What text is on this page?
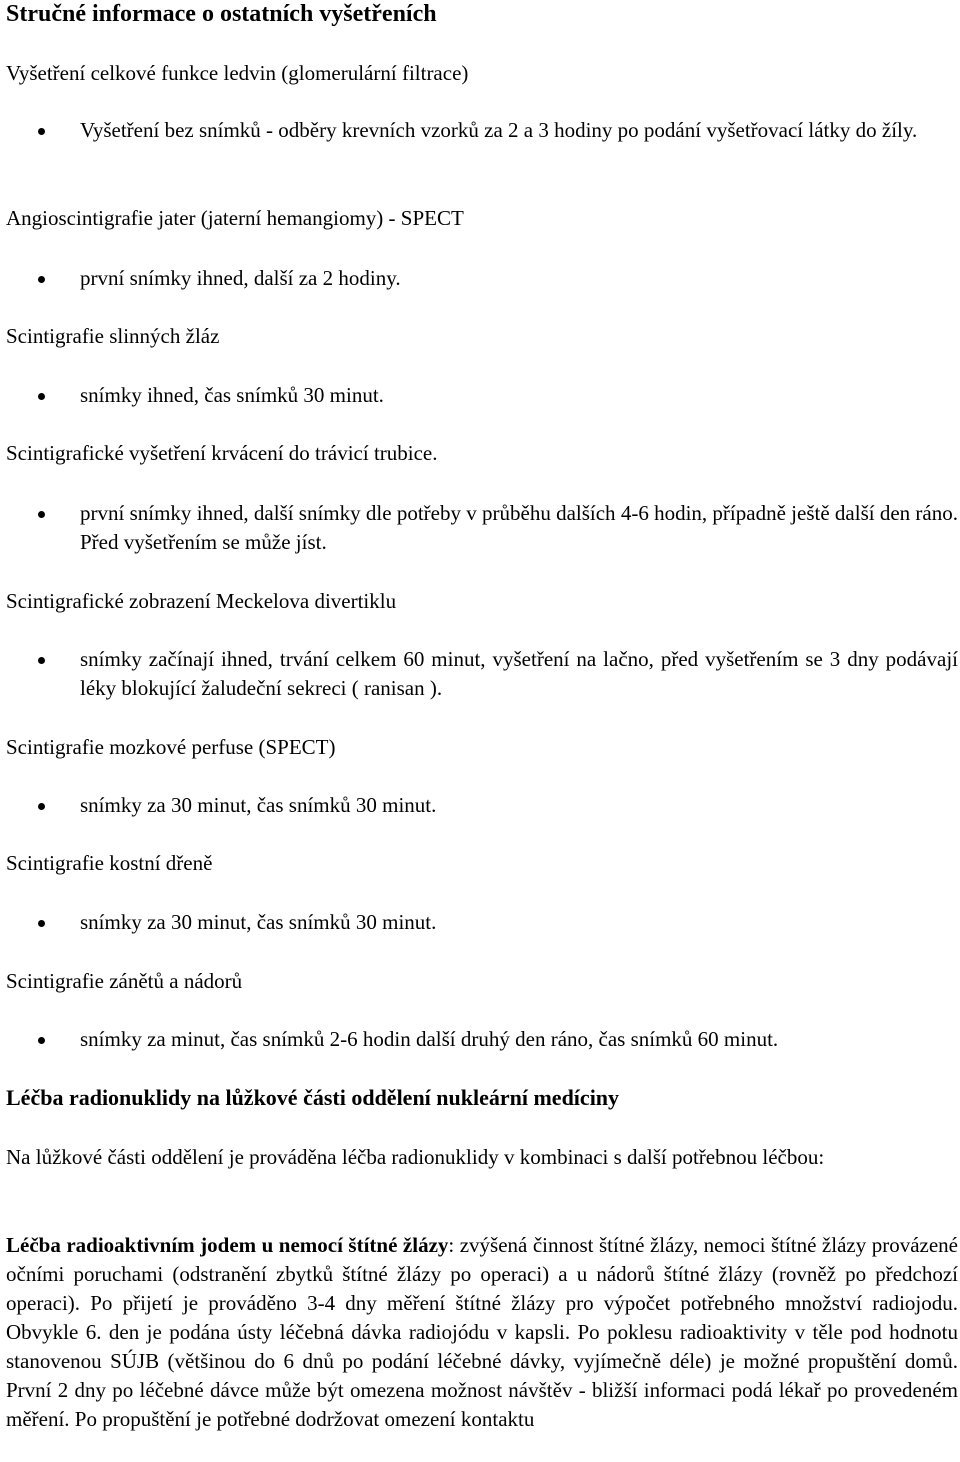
Stručné informace o ostatních vyšetřeních
Vyšetření celkové funkce ledvin (glomerulární filtrace)
Vyšetření bez snímků - odběry krevních vzorků za 2 a 3 hodiny po podání vyšetřovací látky do žíly.
Angioscintigrafie jater (jaterní hemangiomy) - SPECT
první snímky ihned, další za 2 hodiny.
Scintigrafie slinných žláz
snímky ihned, čas snímků 30 minut.
Scintigrafické vyšetření krvácení do trávicí trubice.
první snímky ihned, další snímky dle potřeby v průběhu dalších 4-6 hodin, případně ještě další den ráno. Před vyšetřením se může jíst.
Scintigrafické zobrazení Meckelova divertiklu
snímky začínají ihned, trvání celkem 60 minut, vyšetření na lačno, před vyšetřením se 3 dny podávají léky blokující žaludeční sekreci ( ranisan ).
Scintigrafie mozkové perfuse (SPECT)
snímky za 30 minut, čas snímků 30 minut.
Scintigrafie kostní dřeně
snímky za 30 minut, čas snímků 30 minut.
Scintigrafie zánětů a nádorů
snímky za minut, čas snímků 2-6 hodin další druhý den ráno, čas snímků 60 minut.
Léčba radionuklidy na lůžkové části oddělení nukleární medíciny

Na lůžkové části oddělení je prováděna léčba radionuklidy v kombinaci s další potřebnou léčbou:

Léčba radioaktivním jodem u nemocí štítné žlázy: zvýšená činnost štítné žlázy, nemoci štítné žlázy provázené očními poruchami (odstranění zbytků štítné žlázy po operaci) a u nádorů štítné žlázy (rovněž po předchozí operaci). Po přijetí je prováděno 3-4 dny měření štítné žlázy pro výpočet potřebného množství radiojodu. Obvykle 6. den je podána ústy léčebná dávka radiojódu v kapsli. Po poklesu radioaktivity v těle pod hodnotu stanovenou SÚJB (většinou do 6 dnů po podání léčebné dávky, vyjímečně déle) je možné propuštění domů. První 2 dny po léčebné dávce může být omezena možnost návštěv - bližší informaci podá lékař po provedeném měření. Po propuštění je potřebné dodržovat omezení kontaktu
